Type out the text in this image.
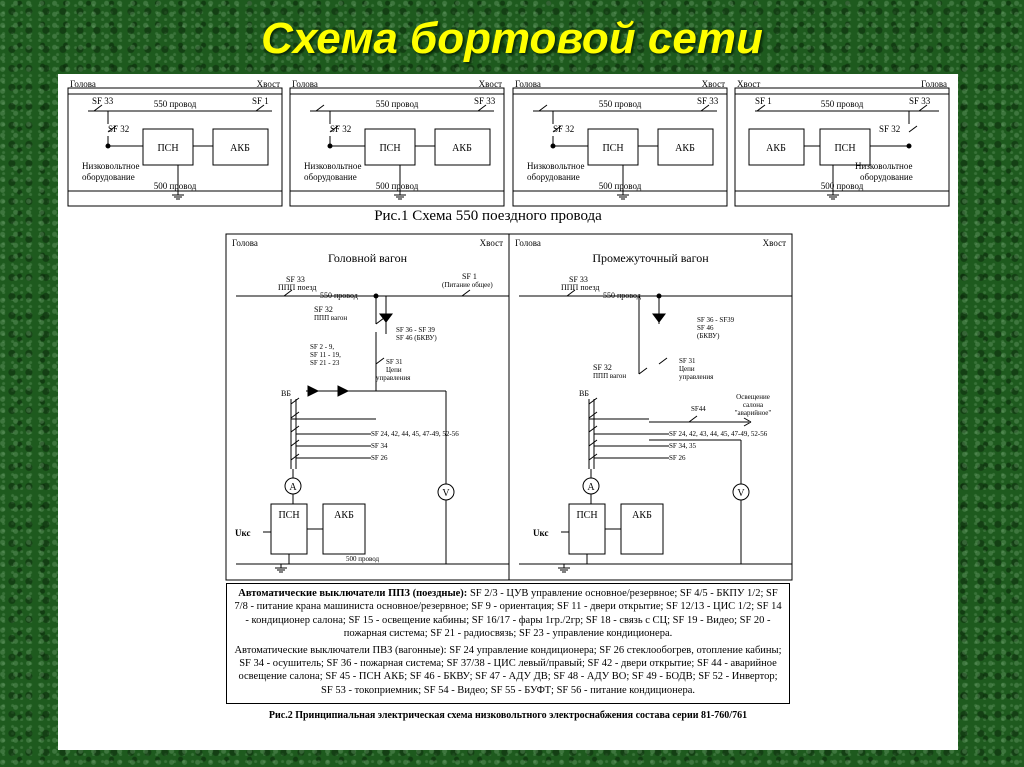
Схема бортовой сети
Голова	Хвост
550 провод
500 провод
SF 33	SF 1
SF 32
ПСН	АКБ
Низковольтное
оборудование
Голова	Хвост
550 провод
500 провод
SF 33
SF 32
ПСН	АКБ
Низковольтное
оборудование
Голова	Хвост
550 провод
500 провод
SF 33
SF 32
ПСН	АКБ
Низковольтное
оборудование
Хвост	Голова
550 провод
500 провод
SF 1	SF 33
SF 32
АКБ	ПСН
Низковольтное
оборудование
Голова	Хвост
Головной вагон
550 провод
SF 33
ППП поезд
SF 1
(Питание общее)
SF 32
ППП вагон
SF 36 - SF 39
SF 46 (БКВУ)
SF 31
Цепи
управления
SF 2 - 9,
SF 11 - 19,
SF 21 - 23
ВБ
SF 24, 42, 44, 45, 47-49, 52-56
SF 34
SF 26
A
ПСН	АКБ
Uкс
V
500 провод
Голова	Хвост
Промежуточный вагон
550 провод
SF 33
ППП поезд
SF 36 - SF39
SF 46
(БКВУ)
SF 32
ППП вагон
SF 31
Цепи
управления
Освещение
салона
"аварийное"
SF44
ВБ
SF 24, 42, 43, 44, 45, 47-49, 52-56
SF 34, 35
SF 26
A
ПСН	АКБ
Uкс
V
Рис.1 Схема 550 поездного провода

Автоматические выключатели ППЗ (поездные): SF 2/3 - ЦУВ управление основное/резервное; SF 4/5 - БКПУ 1/2; SF 7/8 - питание крана машиниста основное/резервное; SF 9 - ориентация; SF 11 - двери открытие; SF 12/13 - ЦИС 1/2; SF 14 - кондиционер салона; SF 15 - освещение кабины; SF 16/17 - фары 1гр./2гр; SF 18 - связь с СЦ; SF 19 - Видео; SF 20 - пожарная система; SF 21 - радиосвязь; SF 23 - управление кондиционера.

Автоматические выключатели ПВЗ (вагонные): SF 24 управление кондиционера; SF 26 стеклообогрев, отопление кабины; SF 34 - осушитель; SF 36 - пожарная система; SF 37/38 - ЦИС левый/правый; SF 42 - двери открытие; SF 44 - аварийное освещение салона; SF 45 - ПСН АКБ; SF 46 - БКВУ; SF 47 - АДУ ДВ; SF 48 - АДУ ВО; SF 49 - БОДВ; SF 52 - Инвертор; SF 53 - токоприемник; SF 54 - Видео; SF 55 - БУФТ; SF 56 - питание кондиционера.

Рис.2 Принципиальная электрическая схема низковольтного электроснабжения состава серии 81-760/761
